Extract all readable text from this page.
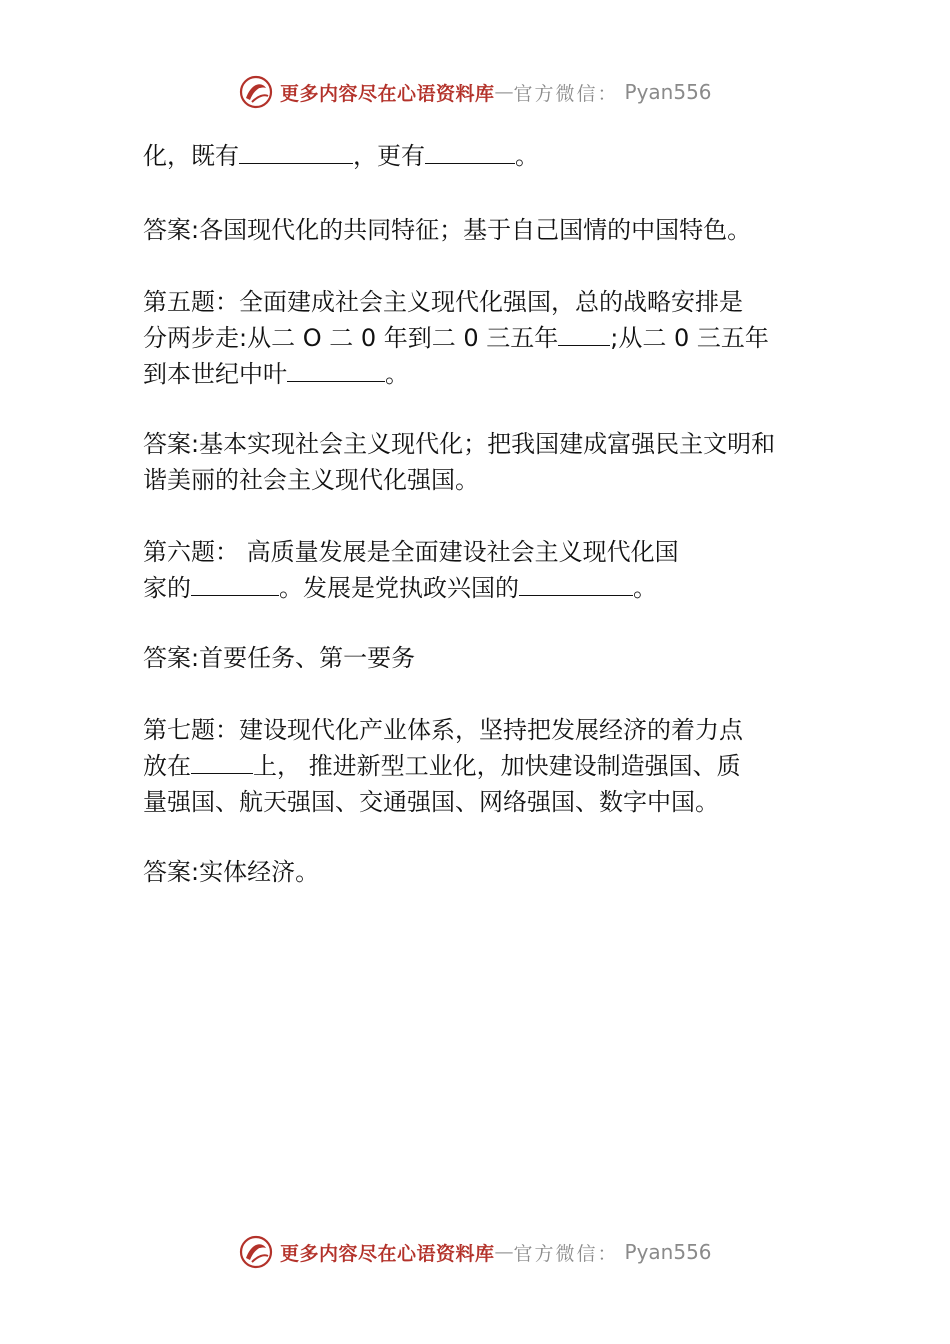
更多内容尽在心语资料库 — 官方微信： Pyan556
化，既有	，更有	。
答案:各国现代化的共同特征；基于自己国情的中国特色。
第五题：全面建成社会主义现代化强国，总的战略安排是
分两步走:从二 O 二 0 年到二 0 三五年 ;从二 0 三五年
到本世纪中叶	。
答案:基本实现社会主义现代化；把我国建成富强民主文明和
谐美丽的社会主义现代化强国。
第六题： 高质量发展是全面建设社会主义现代化国
家的	。发展是党执政兴国的	。
答案:首要任务、第一要务
第七题：建设现代化产业体系，坚持把发展经济的着力点
放在	上， 推进新型工业化，加快建设制造强国、质
量强国、航天强国、交通强国、网络强国、数字中国。
答案:实体经济。
更多内容尽在心语资料库 — 官方微信： Pyan556
